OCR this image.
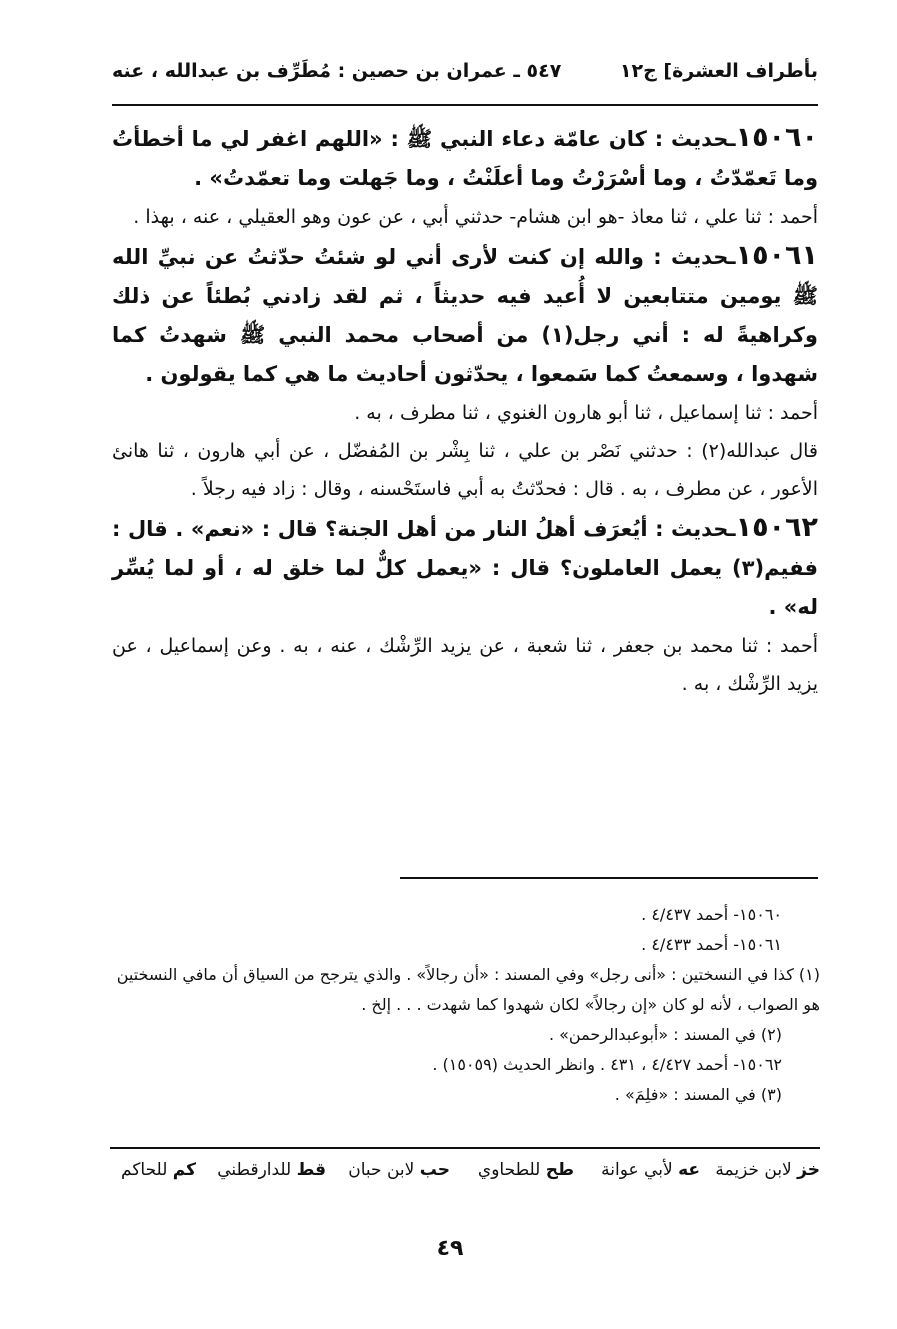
بأطراف العشرة] ج١٢
٥٤٧ ـ عمران بن حصين : مُطَرِّف بن عبدالله ، عنه

١٥٠٦٠ـحديث : كان عامّة دعاء النبي ﷺ : «اللهم اغفر لي ما أخطأتُ وما تَعمّدّتُ ، وما أسْرَرْتُ وما أعلَنْتُ ، وما جَهلت وما تعمّدتُ» .

أحمد : ثنا علي ، ثنا معاذ -هو ابن هشام- حدثني أبي ، عن عون وهو العقيلي ، عنه ، بهذا .

١٥٠٦١ـحديث : والله إن كنت لأرى أني لو شئتُ حدّثتُ عن نبيِّ الله ﷺ يومين متتابعين لا أُعيد فيه حديثاً ، ثم لقد زادني بُطئاً عن ذلك وكراهيةً له : أني رجل(١) من أصحاب محمد النبي ﷺ شهدتُ كما شهدوا ، وسمعتُ كما سَمعوا ، يحدّثون أحاديث ما هي كما يقولون .

أحمد : ثنا إسماعيل ، ثنا أبو هارون الغنوي ، ثنا مطرف ، به .

قال عبدالله(٢) : حدثني نَصْر بن علي ، ثنا بِشْر بن المُفضّل ، عن أبي هارون ، ثنا هانئ الأعور ، عن مطرف ، به . قال : فحدّثتُ به أبي فاستَحْسنه ، وقال : زاد فيه رجلاً .

١٥٠٦٢ـحديث : أيُعرَف أهلُ النار من أهل الجنة؟ قال : «نعم» . قال : ففيم(٣) يعمل العاملون؟ قال : «يعمل كلٌّ لما خلق له ، أو لما يُسِّر له» .

أحمد : ثنا محمد بن جعفر ، ثنا شعبة ، عن يزيد الرِّشْك ، عنه ، به . وعن إسماعيل ، عن يزيد الرِّشْك ، به .

١٥٠٦٠- أحمد ٤/٤٣٧ .

١٥٠٦١- أحمد ٤/٤٣٣ .

(١) كذا في النسختين : «أنى رجل» وفي المسند : «أن رجالاً» . والذي يترجح من السياق أن مافي النسختين هو الصواب ، لأنه لو كان «إن رجالاً» لكان شهدوا كما شهدت . . . إلخ .

(٢) في المسند : «أبوعبدالرحمن» .

١٥٠٦٢- أحمد ٤/٤٢٧ ، ٤٣١ . وانظر الحديث (١٥٠٥٩) .

(٣) في المسند : «فلِمَ» .

خز لابن خزيمة
عه لأبي عوانة
طح للطحاوي
حب لابن حبان
قط للدارقطني
كم للحاكم
٤٩
